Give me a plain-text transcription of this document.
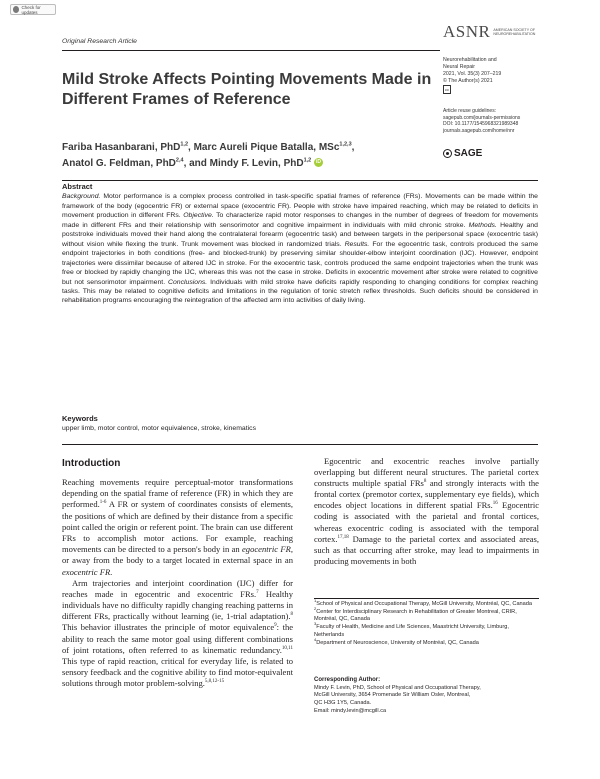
Check for updates
Original Research Article
ASNR AMERICAN SOCIETY OF NEUROREHABILITATION
Neurorehabilitation and
Neural Repair
2021, Vol. 35(3) 207–219
© The Author(s) 2021
cc
Article reuse guidelines:
sagepub.com/journals-permissions
DOI: 10.1177/1545968321989348
journals.sagepub.com/home/nnr
SAGE
Mild Stroke Affects Pointing Movements Made in Different Frames of Reference
Fariba Hasanbarani, PhD$^{1,2}$, Marc Aureli Pique Batalla, MSc$^{1,2,3}$, Anatol G. Feldman, PhD$^{2,4}$, and Mindy F. Levin, PhD$^{1,2}$ iD
Abstract
Background. Motor performance is a complex process controlled in task-specific spatial frames of reference (FRs). Movements can be made within the framework of the body (egocentric FR) or external space (exocentric FR). People with stroke have impaired reaching, which may be related to deficits in movement production in different FRs. Objective. To characterize rapid motor responses to changes in the number of degrees of freedom for movements made in different FRs and their relationship with sensorimotor and cognitive impairment in individuals with mild chronic stroke. Methods. Healthy and poststroke individuals moved their hand along the contralateral forearm (egocentric task) and between targets in the peripersonal space (exocentric task) without vision while flexing the trunk. Trunk movement was blocked in randomized trials. Results. For the egocentric task, controls produced the same endpoint trajectories in both conditions (free- and blocked-trunk) by preserving similar shoulder-elbow interjoint coordination (IJC). However, endpoint trajectories were dissimilar because of altered IJC in stroke. For the exocentric task, controls produced the same endpoint trajectories when the trunk was free or blocked by rapidly changing the IJC, whereas this was not the case in stroke. Deficits in exocentric movement after stroke were related to cognitive but not sensorimotor impairment. Conclusions. Individuals with mild stroke have deficits rapidly responding to changing conditions for complex reaching tasks. This may be related to cognitive deficits and limitations in the regulation of tonic stretch reflex thresholds. Such deficits should be considered in rehabilitation programs encouraging the reintegration of the affected arm into activities of daily living.
Keywords
upper limb, motor control, motor equivalence, stroke, kinematics
Introduction

Reaching movements require perceptual-motor transformations depending on the spatial frame of reference (FR) in which they are performed.$^{1-6}$ A FR or system of coordinates consists of elements, the positions of which are defined by their distance from a specific point called the origin or referent point. The brain can use different FRs to accomplish motor actions. For example, reaching movements can be directed to a person's body in an egocentric FR, or away from the body to a target located in external space in an exocentric FR.

Arm trajectories and interjoint coordination (IJC) differ for reaches made in egocentric and exocentric FRs.$^7$ Healthy individuals have no difficulty rapidly changing reaching patterns in different FRs, practically without learning (ie, 1-trial adaptation).$^8$ This behavior illustrates the principle of motor equivalence$^9$: the ability to reach the same motor goal using different combinations of joint rotations, often referred to as kinematic redundancy.$^{10,11}$ This type of rapid reaction, critical for everyday life, is related to sensory feedback and the cognitive ability to find motor-equivalent solutions through motor problem-solving.$^{5,8,12-15}$

Egocentric and exocentric reaches involve partially overlapping but different neural structures. The parietal cortex constructs multiple spatial FRs$^8$ and strongly interacts with the frontal cortex (premotor cortex, supplementary eye fields), which encodes object locations in different spatial FRs.$^{16}$ Egocentric coding is associated with the parietal and frontal cortices, whereas exocentric coding is associated with the temporal cortex.$^{17,18}$ Damage to the parietal cortex and associated areas, such as that occurring after stroke, may lead to impairments in producing movements in both

$^1$School of Physical and Occupational Therapy, McGill University, Montréal, QC, Canada
$^2$Center for Interdisciplinary Research in Rehabilitation of Greater Montreal, CRIR, Montréal, QC, Canada
$^3$Faculty of Health, Medicine and Life Sciences, Maastricht University, Limburg, Netherlands
$^4$Department of Neuroscience, University of Montréal, QC, Canada
Corresponding Author:
Mindy F. Levin, PhD, School of Physical and Occupational Therapy,
McGill University, 3654 Promenade Sir William Osler, Montreal,
QC H3G 1Y5, Canada.
Email: mindy.levin@mcgill.ca
